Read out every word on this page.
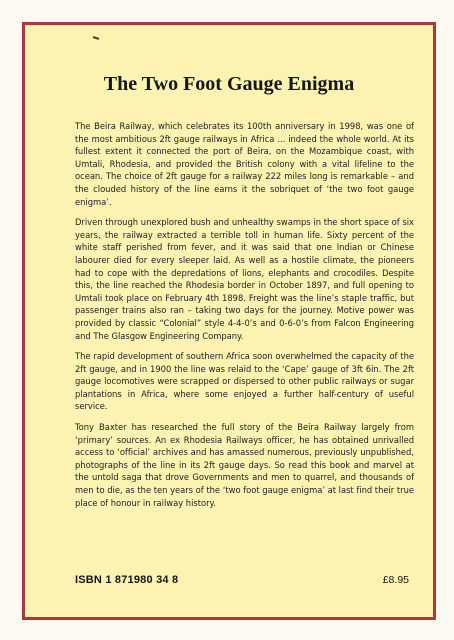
The Two Foot Gauge Enigma

The Beira Railway, which celebrates its 100th anniversary in 1998, was one of the most ambitious 2ft gauge railways in Africa ... indeed the whole world. At its fullest extent it connected the port of Beira, on the Mozambique coast, with Umtali, Rhodesia, and provided the British colony with a vital lifeline to the ocean. The choice of 2ft gauge for a railway 222 miles long is remarkable – and the clouded history of the line earns it the sobriquet of ‘the two foot gauge enigma’.

Driven through unexplored bush and unhealthy swamps in the short space of six years, the railway extracted a terrible toll in human life. Sixty percent of the white staff perished from fever, and it was said that one Indian or Chinese labourer died for every sleeper laid. As well as a hostile climate, the pioneers had to cope with the depredations of lions, elephants and crocodiles. Despite this, the line reached the Rhodesia border in October 1897, and full opening to Umtali took place on February 4th 1898. Freight was the line’s staple traffic, but passenger trains also ran – taking two days for the journey. Motive power was provided by classic “Colonial” style 4-4-0’s and 0-6-0’s from Falcon Engineering and The Glasgow Engineering Company.

The rapid development of southern Africa soon overwhelmed the capacity of the 2ft gauge, and in 1900 the line was relaid to the ‘Cape’ gauge of 3ft 6in. The 2ft gauge locomotives were scrapped or dispersed to other public railways or sugar plantations in Africa, where some enjoyed a further half-century of useful service.

Tony Baxter has researched the full story of the Beira Railway largely from ‘primary’ sources. An ex Rhodesia Railways officer, he has obtained unrivalled access to ‘official’ archives and has amassed numerous, previously unpublished, photographs of the line in its 2ft gauge days. So read this book and marvel at the untold saga that drove Governments and men to quarrel, and thousands of men to die, as the ten years of the ‘two foot gauge enigma’ at last find their true place of honour in railway history.

ISBN 1 871980 34 8	£8.95
